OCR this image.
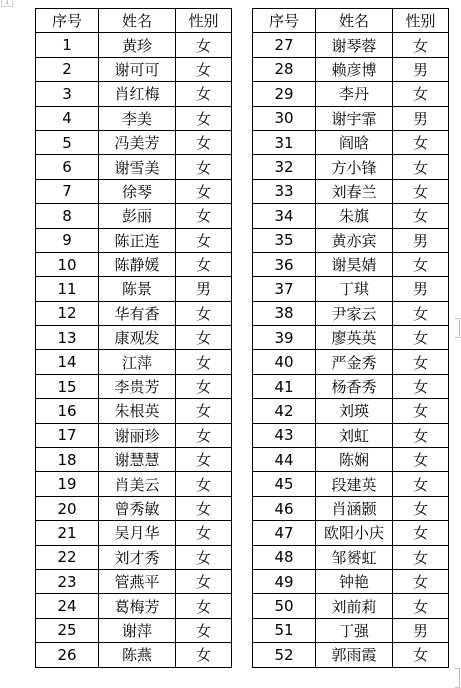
↓
序号	姓名	性别
1	黄珍	女
2	谢可可	女
3	肖红梅	女
4	李美	女
5	冯美芳	女
6	谢雪美	女
7	徐琴	女
8	彭丽	女
9	陈正连	女
10	陈静媛	女
11	陈景	男
12	华有香	女
13	康观发	女
14	江萍	女
15	李贵芳	女
16	朱根英	女
17	谢丽珍	女
18	谢慧慧	女
19	肖美云	女
20	曾秀敏	女
21	吴月华	女
22	刘才秀	女
23	管燕平	女
24	葛梅芳	女
25	谢萍	女
26	陈燕	女
序号	姓名	性别
27	谢琴蓉	女
28	赖彦博	男
29	李丹	女
30	谢宇霏	男
31	阎晗	女
32	方小锋	女
33	刘春兰	女
34	朱旗	女
35	黄亦宾	男
36	谢昊婧	女
37	丁琪	男
38	尹家云	女
39	廖英英	女
40	严金秀	女
41	杨香秀	女
42	刘瑛	女
43	刘虹	女
44	陈娴	女
45	段建英	女
46	肖涵颢	女
47	欧阳小庆	女
48	邹赟虹	女
49	钟艳	女
50	刘前莉	女
51	丁强	男
52	郭雨霞	女
